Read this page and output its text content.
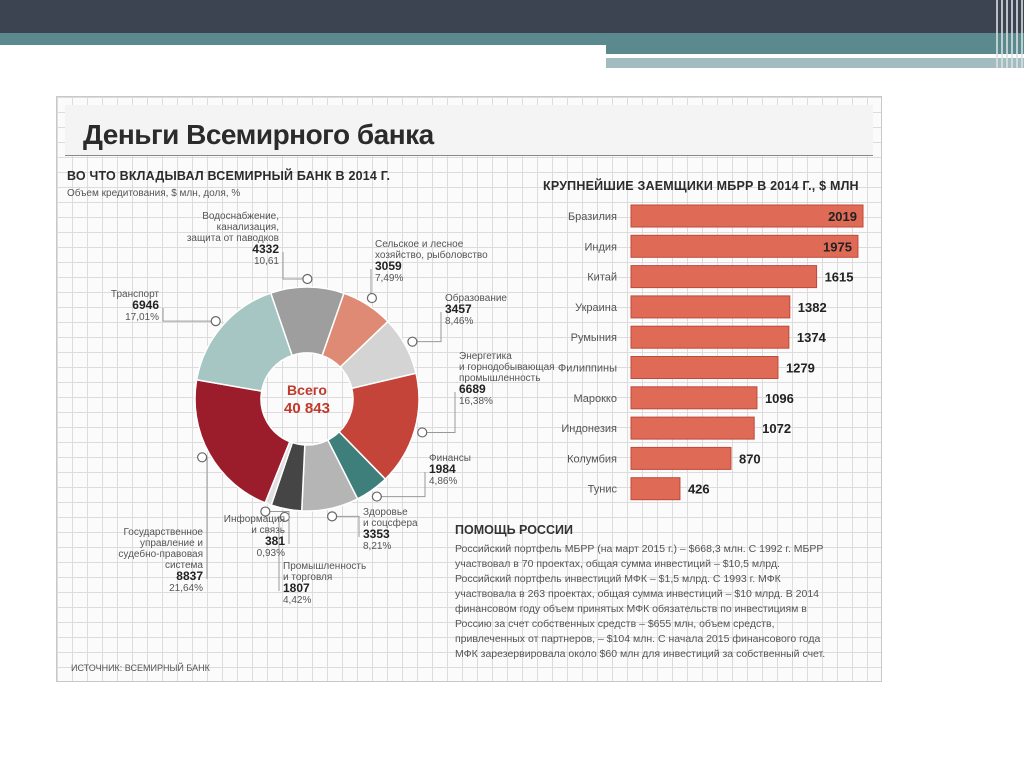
Деньги Всемирного банка
ВО ЧТО ВКЛАДЫВАЛ ВСЕМИРНЫЙ БАНК В 2014 Г.
Объем кредитования, $ млн, доля, %
КРУПНЕЙШИЕ ЗАЕМЩИКИ МБРР В 2014 Г., $ МЛН
Водоснабжение,
канализация,
защита от паводков
4332
10,61
Сельское и лесное
хозяйство, рыболовство
3059
7,49%
Образование
3457
8,46%
Энергетика
и горнодобывающая
промышленность
6689
16,38%
Финансы
1984
4,86%
Здоровье
и соцсфера
3353
8,21%
Промышленность
и торговля
1807
4,42%
Информация
и связь
381
0,93%
Государственное
управление и
судебно-правовая
система
8837
21,64%
Транспорт
6946
17,01%
Всего
40 843
Бразилия	2019
Индия	1975
Китай	1615
Украина	1382
Румыния	1374
Филиппины	1279
Марокко	1096
Индонезия	1072
Колумбия	870
Тунис	426
ПОМОЩЬ РОССИИ
Российский портфель МБРР (на март 2015 г.) – $668,3 млн. С 1992 г. МБРР
участвовал в 70 проектах, общая сумма инвестиций – $10,5 млрд.
Российский портфель инвестиций МФК – $1,5 млрд. С 1993 г. МФК
участвовала в 263 проектах, общая сумма инвестиций – $10 млрд. В 2014
финансовом году объем принятых МФК обязательств по инвестициям в
Россию за счет собственных средств – $655 млн, объем средств,
привлеченных от партнеров, – $104 млн. С начала 2015 финансового года
МФК зарезервировала около $60 млн для инвестиций за собственный счет.
ИСТОЧНИК: ВСЕМИРНЫЙ БАНК
